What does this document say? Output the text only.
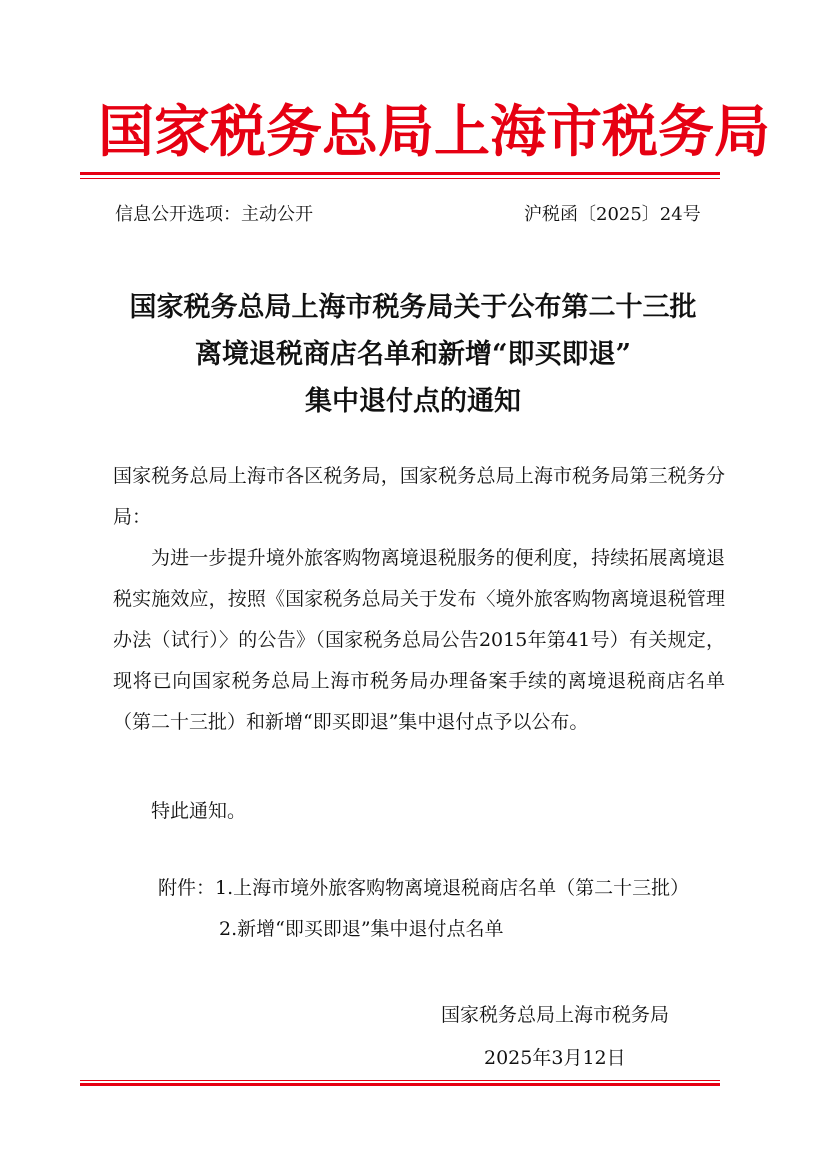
国家税务总局上海市税务局
信息公开选项：主动公开	沪税函〔2025〕24号
国家税务总局上海市税务局关于公布第二十三批
离境退税商店名单和新增“即买即退”
集中退付点的通知
国家税务总局上海市各区税务局，国家税务总局上海市税务局第三税务分局：
为进一步提升境外旅客购物离境退税服务的便利度，持续拓展离境退税实施效应，按照《国家税务总局关于发布〈境外旅客购物离境退税管理办法（试行）〉的公告》（国家税务总局公告2015年第41号）有关规定，现将已向国家税务总局上海市税务局办理备案手续的离境退税商店名单（第二十三批）和新增“即买即退”集中退付点予以公布。
特此通知。
附件：1.上海市境外旅客购物离境退税商店名单（第二十三批）
2.新增“即买即退”集中退付点名单
国家税务总局上海市税务局
2025年3月12日
